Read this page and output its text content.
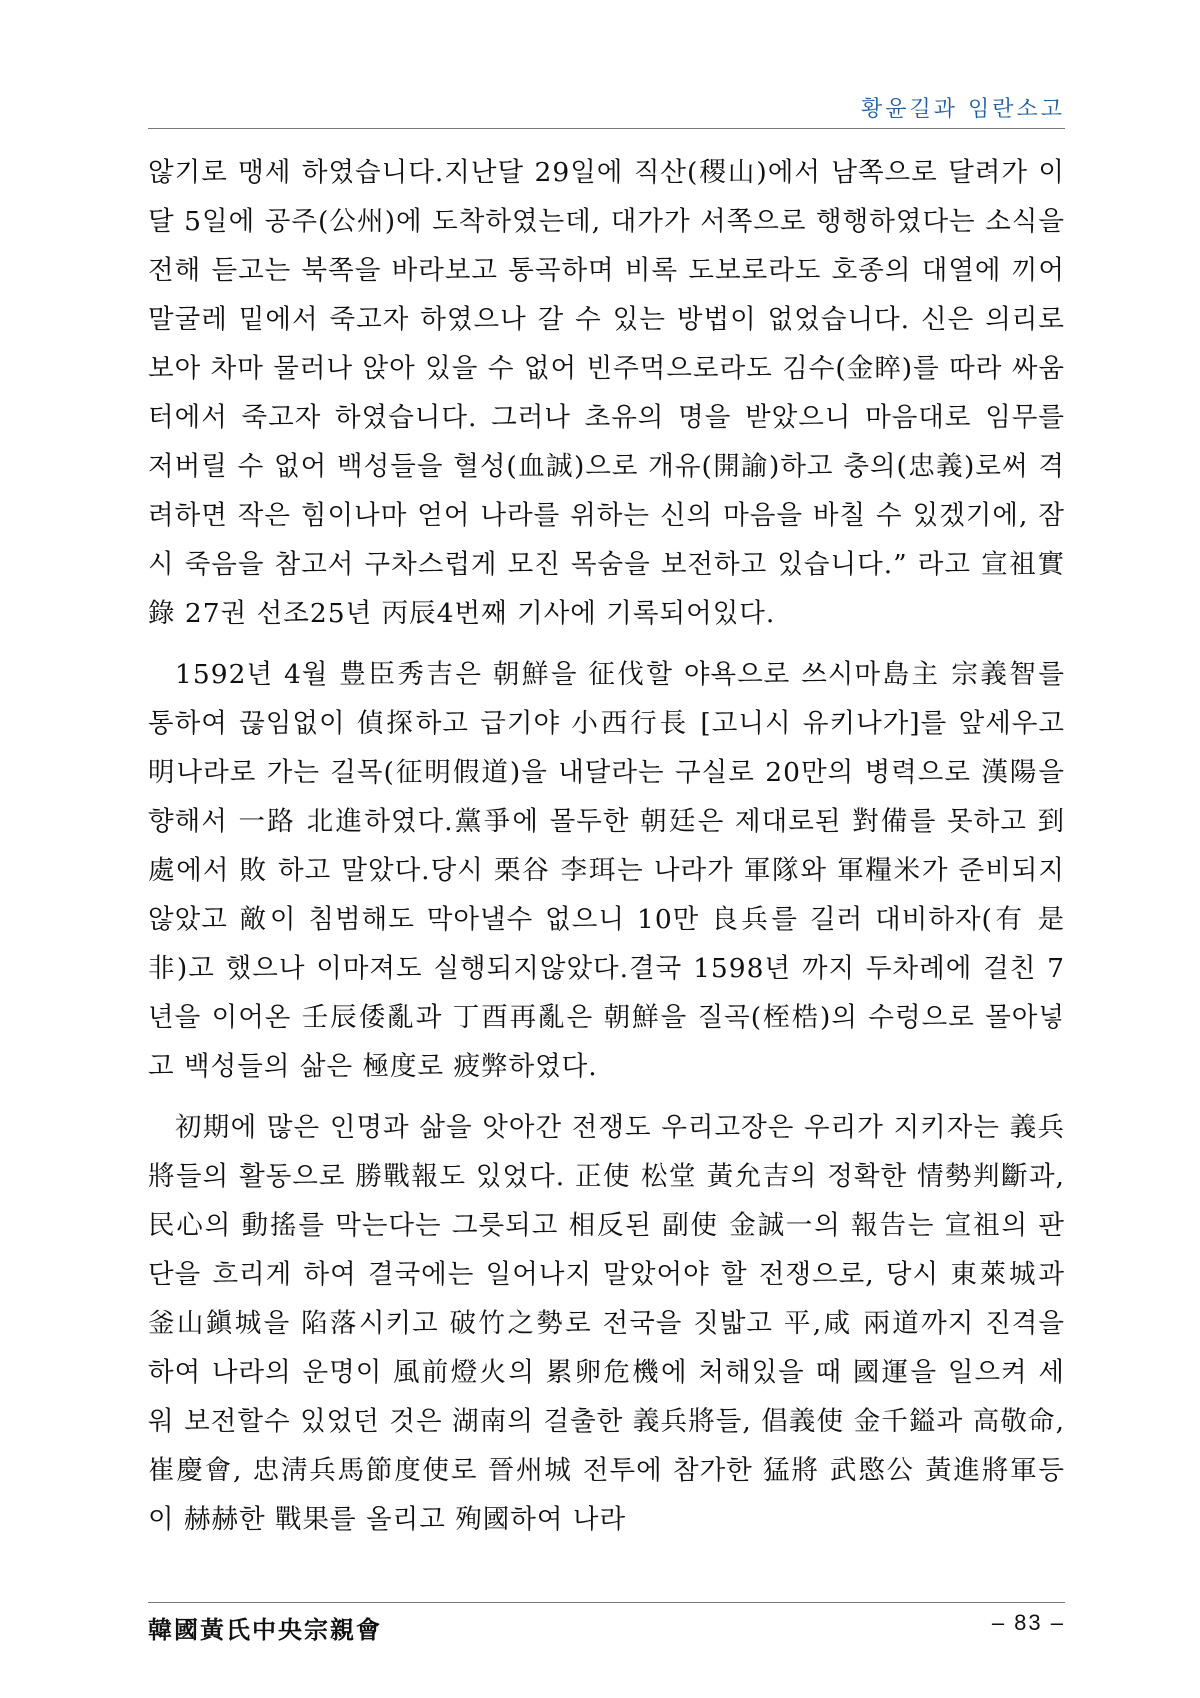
황윤길과 임란소고

않기로 맹세 하였습니다.지난달 29일에 직산(稷山)에서 남쪽으로 달려가 이달 5일에 공주(公州)에 도착하였는데, 대가가 서쪽으로 행행하였다는 소식을 전해 듣고는 북쪽을 바라보고 통곡하며 비록 도보로라도 호종의 대열에 끼어 말굴레 밑에서 죽고자 하였으나 갈 수 있는 방법이 없었습니다. 신은 의리로 보아 차마 물러나 앉아 있을 수 없어 빈주먹으로라도 김수(金睟)를 따라 싸움터에서 죽고자 하였습니다. 그러나 초유의 명을 받았으니 마음대로 임무를 저버릴 수 없어 백성들을 혈성(血誠)으로 개유(開諭)하고 충의(忠義)로써 격려하면 작은 힘이나마 얻어 나라를 위하는 신의 마음을 바칠 수 있겠기에, 잠시 죽음을 참고서 구차스럽게 모진 목숨을 보전하고 있습니다.” 라고 宣祖實錄 27권 선조25년 丙辰4번째 기사에 기록되어있다.

1592년 4월 豊臣秀吉은 朝鮮을 征伐할 야욕으로 쓰시마島主 宗義智를 통하여 끊임없이 偵探하고 급기야 小西行長 [고니시 유키나가]를 앞세우고 明나라로 가는 길목(征明假道)을 내달라는 구실로 20만의 병력으로 漢陽을 향해서 一路 北進하였다.黨爭에 몰두한 朝廷은 제대로된 對備를 못하고 到處에서 敗 하고 말았다.당시 栗谷 李珥는 나라가 軍隊와 軍糧米가 준비되지 않았고 敵이 침범해도 막아낼수 없으니 10만 良兵를 길러 대비하자(有 是非)고 했으나 이마져도 실행되지않았다.결국 1598년 까지 두차례에 걸친 7년을 이어온 壬辰倭亂과 丁酉再亂은 朝鮮을 질곡(桎梏)의 수렁으로 몰아넣고 백성들의 삶은 極度로 疲弊하였다.

初期에 많은 인명과 삶을 앗아간 전쟁도 우리고장은 우리가 지키자는 義兵將들의 활동으로 勝戰報도 있었다. 正使 松堂 黃允吉의 정확한 情勢判斷과, 民心의 動搖를 막는다는 그릇되고 相反된 副使 金誠一의 報告는 宣祖의 판단을 흐리게 하여 결국에는 일어나지 말았어야 할 전쟁으로, 당시 東萊城과 釜山鎭城을 陷落시키고 破竹之勢로 전국을 짓밟고 平,咸 兩道까지 진격을 하여 나라의 운명이 風前燈火의 累卵危機에 처해있을 때 國運을 일으켜 세워 보전할수 있었던 것은 湖南의 걸출한 義兵將들, 倡義使 金千鎰과 高敬命,崔慶會, 忠淸兵馬節度使로 晉州城 전투에 참가한 猛將 武愍公 黃進將軍등이 赫赫한 戰果를 올리고 殉國하여 나라

韓國黃氏中央宗親會	– 83 –
